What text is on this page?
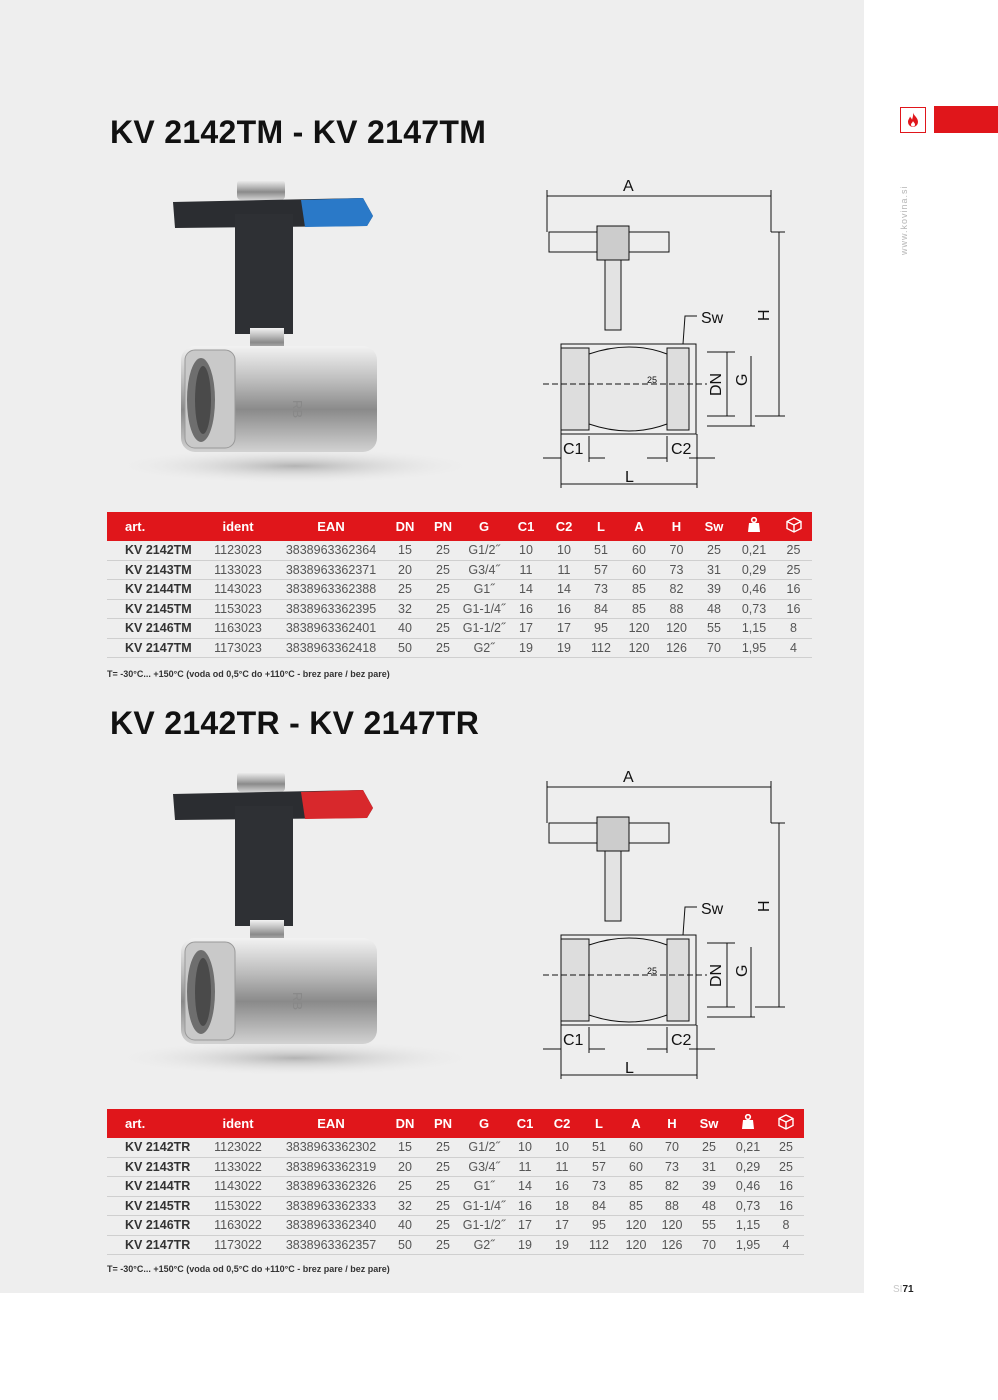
www.kovina.si
SI71
KV 2142TM - KV 2147TM
RB
A
H
Sw
DN G
C1	C2
L
25
art.	ident	EAN	DN	PN	G	C1	C2	L	A	H	Sw		
KV 2142TM	1123023	3838963362364	15	25	G1/2˝	10	10	51	60	70	25	0,21	25
KV 2143TM	1133023	3838963362371	20	25	G3/4˝	11	11	57	60	73	31	0,29	25
KV 2144TM	1143023	3838963362388	25	25	G1˝	14	14	73	85	82	39	0,46	16
KV 2145TM	1153023	3838963362395	32	25	G1-1/4˝	16	16	84	85	88	48	0,73	16
KV 2146TM	1163023	3838963362401	40	25	G1-1/2˝	17	17	95	120	120	55	1,15	8
KV 2147TM	1173023	3838963362418	50	25	G2˝	19	19	112	120	126	70	1,95	4
T= -30°C... +150°C (voda od 0,5°C do +110°C - brez pare / bez pare)
KV 2142TR - KV 2147TR
RB
A
H
Sw
DN G
C1	C2
L
25
art.	ident	EAN	DN	PN	G	C1	C2	L	A	H	Sw		
KV 2142TR	1123022	3838963362302	15	25	G1/2˝	10	10	51	60	70	25	0,21	25
KV 2143TR	1133022	3838963362319	20	25	G3/4˝	11	11	57	60	73	31	0,29	25
KV 2144TR	1143022	3838963362326	25	25	G1˝	14	16	73	85	82	39	0,46	16
KV 2145TR	1153022	3838963362333	32	25	G1-1/4˝	16	18	84	85	88	48	0,73	16
KV 2146TR	1163022	3838963362340	40	25	G1-1/2˝	17	17	95	120	120	55	1,15	8
KV 2147TR	1173022	3838963362357	50	25	G2˝	19	19	112	120	126	70	1,95	4
T= -30°C... +150°C (voda od 0,5°C do +110°C - brez pare / bez pare)
